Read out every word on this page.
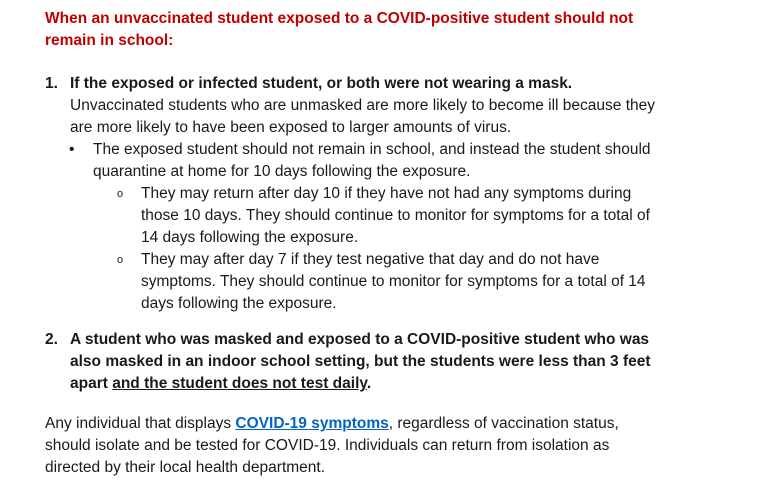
When an unvaccinated student exposed to a COVID-positive student should not
remain in school:
1. If the exposed or infected student, or both were not wearing a mask.
Unvaccinated students who are unmasked are more likely to become ill because they
are more likely to have been exposed to larger amounts of virus.
• The exposed student should not remain in school, and instead the student should
quarantine at home for 10 days following the exposure.
o They may return after day 10 if they have not had any symptoms during
those 10 days. They should continue to monitor for symptoms for a total of
14 days following the exposure.
o They may after day 7 if they test negative that day and do not have
symptoms. They should continue to monitor for symptoms for a total of 14
days following the exposure.
2. A student who was masked and exposed to a COVID-positive student who was
also masked in an indoor school setting, but the students were less than 3 feet
apart and the student does not test daily.
Any individual that displays COVID-19 symptoms, regardless of vaccination status,
should isolate and be tested for COVID-19. Individuals can return from isolation as
directed by their local health department.
